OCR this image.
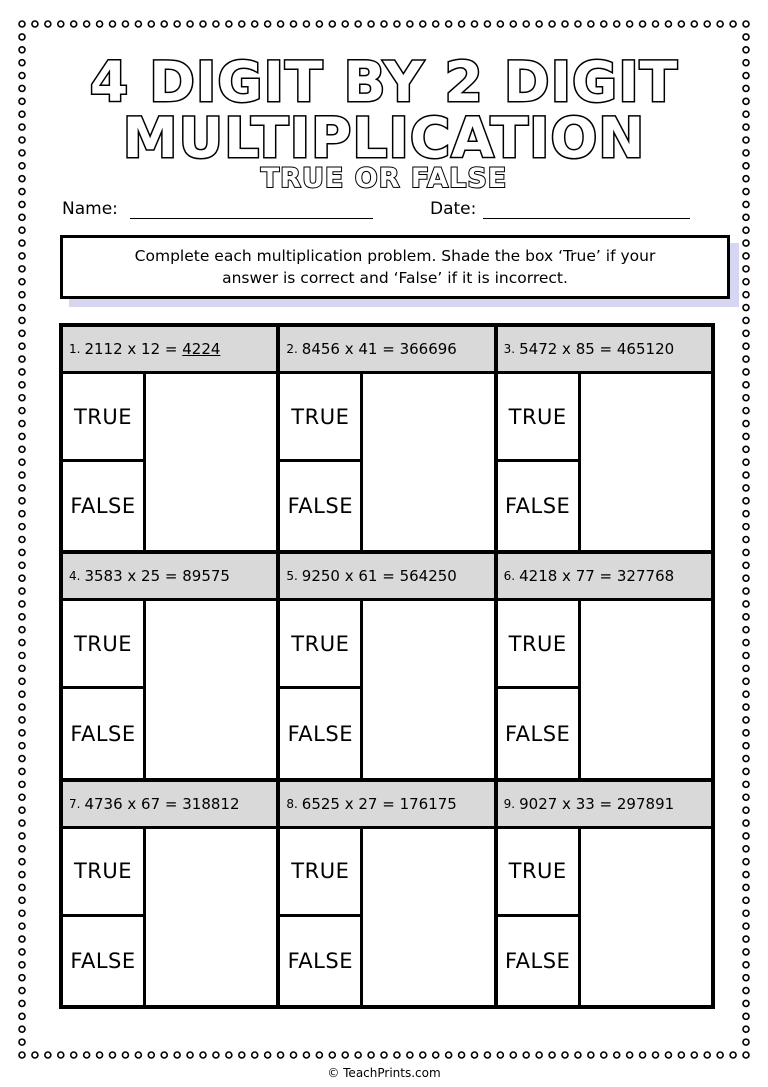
4 DIGIT BY 2 DIGIT
MULTIPLICATION
TRUE OR FALSE
Name:	Date:
Complete each multiplication problem. Shade the box ‘True’ if your
answer is correct and ‘False’ if it is incorrect.
1. 2112 x 12 = 4224
TRUE
FALSE
2. 8456 x 41 = 366696
TRUE
FALSE
3. 5472 x 85 = 465120
TRUE
FALSE
4. 3583 x 25 = 89575
TRUE
FALSE
5. 9250 x 61 = 564250
TRUE
FALSE
6. 4218 x 77 = 327768
TRUE
FALSE
7. 4736 x 67 = 318812
TRUE
FALSE
8. 6525 x 27 = 176175
TRUE
FALSE
9. 9027 x 33 = 297891
TRUE
FALSE
© TeachPrints.com
